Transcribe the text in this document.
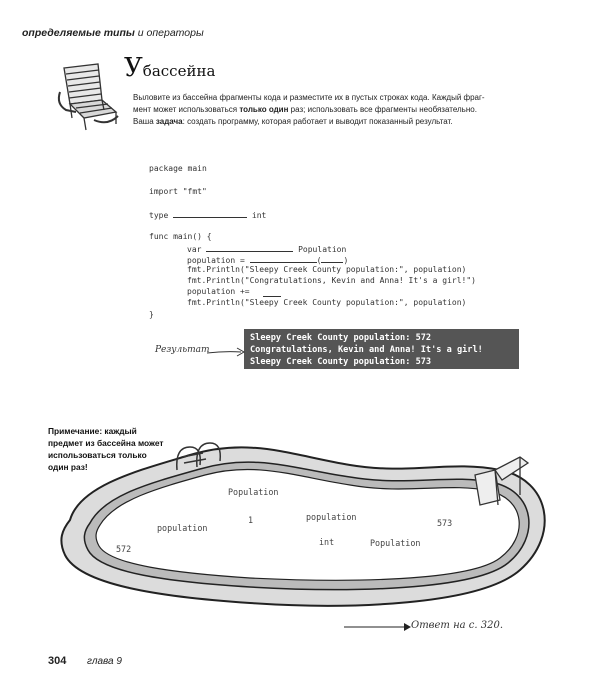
определяемые типы и операторы
Убассейна

Выловите из бассейна фрагменты кода и разместите их в пустых строках кода. Каждый фраг-

мент может использоваться только один раз; использовать все фрагменты необязательно.

Ваша задача: создать программу, которая работает и выводит показанный результат.

package main
import "fmt"
type	int
func main() {
var	Population
population =	(	)
fmt.Println("Sleepy Creek County population:", population)
fmt.Println("Congratulations, Kevin and Anna! It's a girl!")
population +=
fmt.Println("Sleepy Creek County population:", population)
}
Sleepy Creek County population: 572
Congratulations, Kevin and Anna! It's a girl!
Sleepy Creek County population: 573
Результат
Примечание: каждый предмет из бассейна может использоваться только один раз!
Population
population
1	population
573
572
int	Population
Ответ на с. 320.
304 глава 9
